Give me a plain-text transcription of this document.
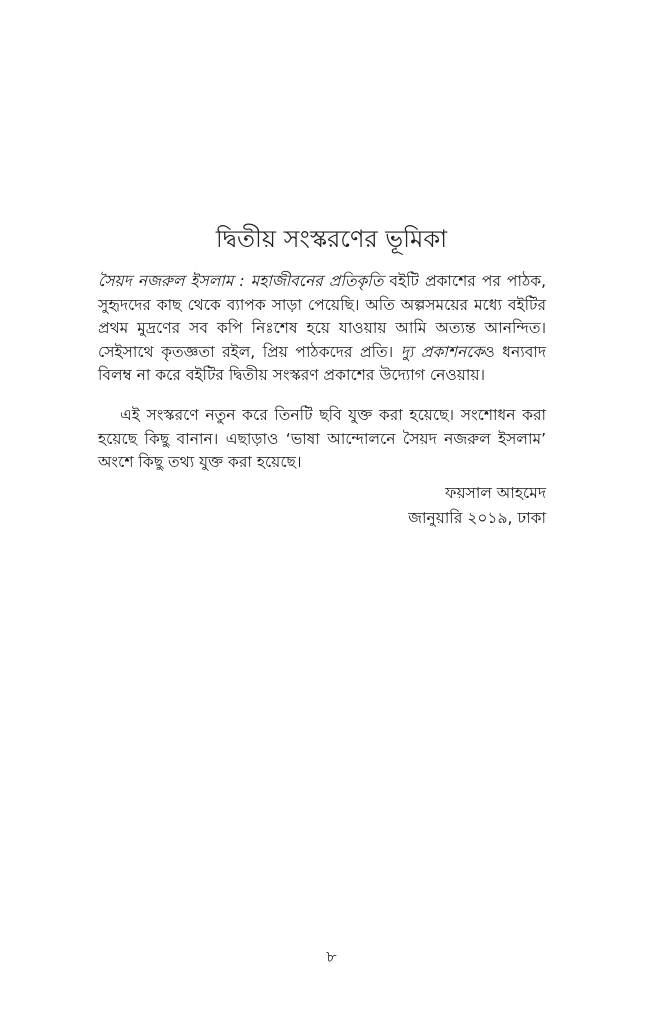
দ্বিতীয় সংস্করণের ভূমিকা
সৈয়দ নজরুল ইসলাম : মহাজীবনের প্রতিকৃতি বইটি প্রকাশের পর পাঠক, সুহৃদদের কাছ থেকে ব্যাপক সাড়া পেয়েছি। অতি অল্পসময়ের মধ্যে বইটির প্রথম মুদ্রণের সব কপি নিঃশেষ হয়ে যাওয়ায় আমি অত্যন্ত আনন্দিত। সেইসাথে কৃতজ্ঞতা রইল, প্রিয় পাঠকদের প্রতি। দ্যু প্রকাশনকেও ধন্যবাদ বিলম্ব না করে বইটির দ্বিতীয় সংস্করণ প্রকাশের উদ্যোগ নেওয়ায়।
এই সংস্করণে নতুন করে তিনটি ছবি যুক্ত করা হয়েছে। সংশোধন করা হয়েছে কিছু বানান। এছাড়াও ‘ভাষা আন্দোলনে সৈয়দ নজরুল ইসলাম’ অংশে কিছু তথ্য যুক্ত করা হয়েছে।
ফয়সাল আহমেদ
জানুয়ারি ২০১৯, ঢাকা
৮
